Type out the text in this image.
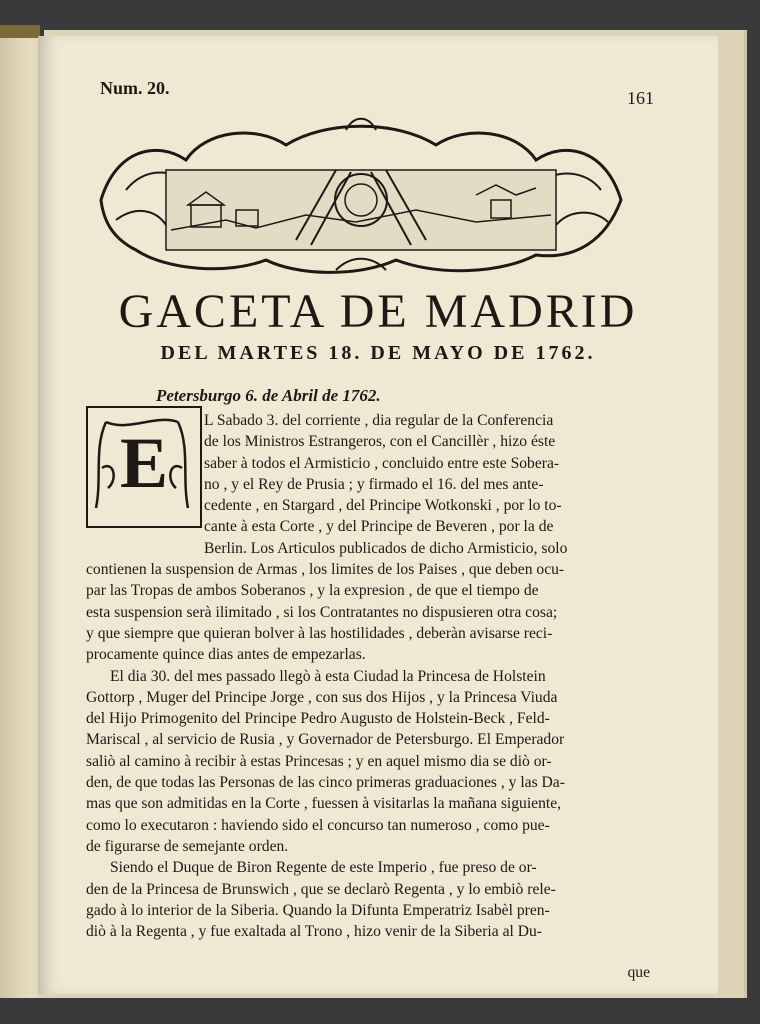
Num. 20.	161
GACETA DE MADRID
DEL MARTES 18. DE MAYO DE 1762.
Petersburgo 6. de Abril de 1762.
E
L Sabado 3. del corriente , dia regular de la Conferencia
de los Ministros Estrangeros, con el Cancillèr , hizo éste
saber à todos el Armisticio , concluido entre este Sobera-
no , y el Rey de Prusia ; y firmado el 16. del mes ante-
cedente , en Stargard , del Principe Wotkonski , por lo to-
cante à esta Corte , y del Principe de Beveren , por la de
Berlin. Los Articulos publicados de dicho Armisticio, solo
contienen la suspension de Armas , los limites de los Paises , que deben ocu-
par las Tropas de ambos Soberanos , y la expresion , de que el tiempo de
esta suspension serà ilimitado , si los Contratantes no dispusieren otra cosa;
y que siempre que quieran bolver à las hostilidades , deberàn avisarse reci-
procamente quince dias antes de empezarlas.
El dia 30. del mes passado llegò à esta Ciudad la Princesa de Holstein
Gottorp , Muger del Principe Jorge , con sus dos Hijos , y la Princesa Viuda
del Hijo Primogenito del Principe Pedro Augusto de Holstein-Beck , Feld-
Mariscal , al servicio de Rusia , y Governador de Petersburgo. El Emperador
saliò al camino à recibir à estas Princesas ; y en aquel mismo dia se diò or-
den, de que todas las Personas de las cinco primeras graduaciones , y las Da-
mas que son admitidas en la Corte , fuessen à visitarlas la mañana siguiente,
como lo executaron : haviendo sido el concurso tan numeroso , como pue-
de figurarse de semejante orden.
Siendo el Duque de Biron Regente de este Imperio , fue preso de or-
den de la Princesa de Brunswich , que se declarò Regenta , y lo embiò rele-
gado à lo interior de la Siberia. Quando la Difunta Emperatriz Isabèl pren-
diò à la Regenta , y fue exaltada al Trono , hizo venir de la Siberia al Du-
que
